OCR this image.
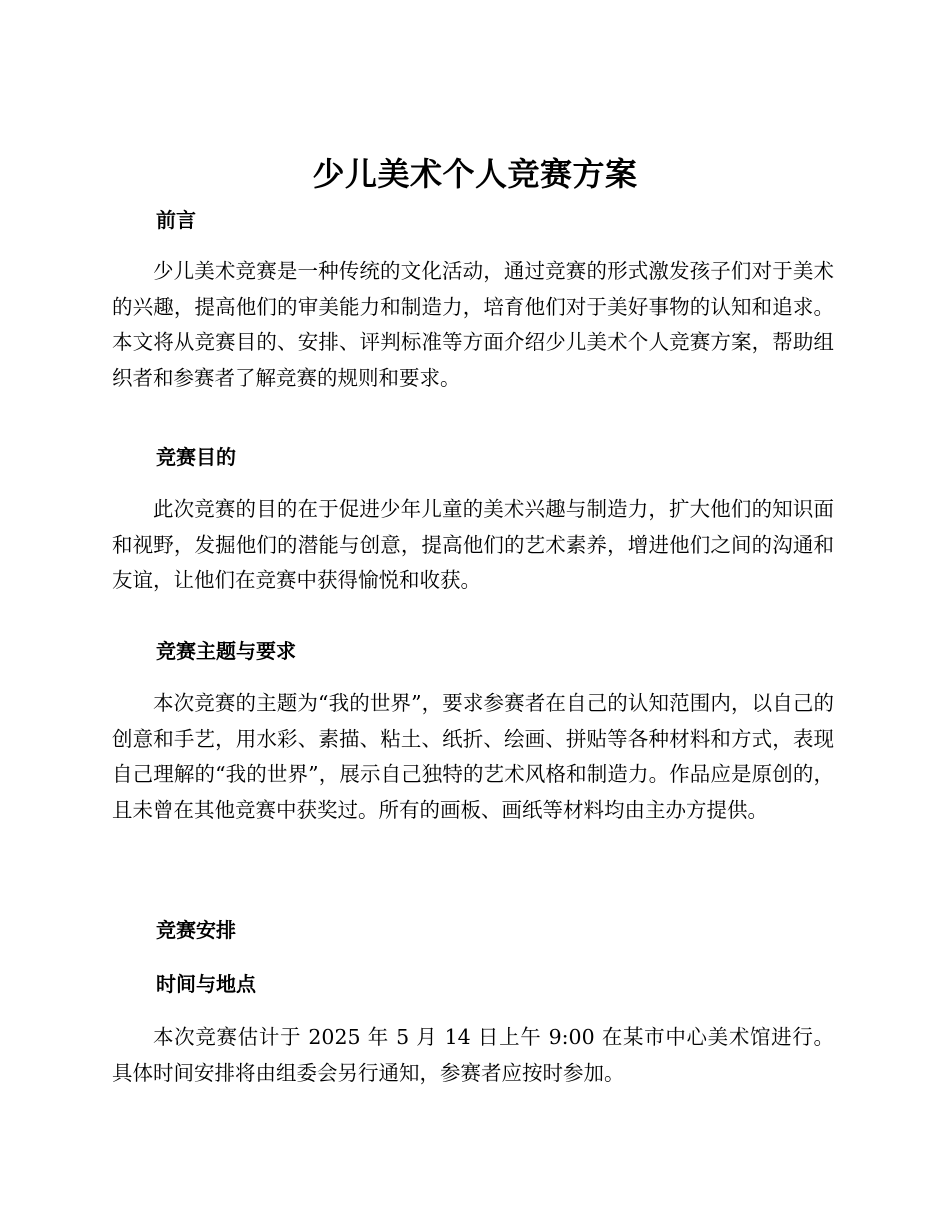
少儿美术个人竞赛方案
前言

少儿美术竞赛是一种传统的文化活动，通过竞赛的形式激发孩子们对于美术的兴趣，提高他们的审美能力和制造力，培育他们对于美好事物的认知和追求。本文将从竞赛目的、安排、评判标准等方面介绍少儿美术个人竞赛方案，帮助组织者和参赛者了解竞赛的规则和要求。

竞赛目的

此次竞赛的目的在于促进少年儿童的美术兴趣与制造力，扩大他们的知识面和视野，发掘他们的潜能与创意，提高他们的艺术素养，增进他们之间的沟通和友谊，让他们在竞赛中获得愉悦和收获。

竞赛主题与要求

本次竞赛的主题为“我的世界”，要求参赛者在自己的认知范围内，以自己的创意和手艺，用水彩、素描、粘土、纸折、绘画、拼贴等各种材料和方式，表现自己理解的“我的世界”，展示自己独特的艺术风格和制造力。作品应是原创的，且未曾在其他竞赛中获奖过。所有的画板、画纸等材料均由主办方提供。

竞赛安排
时间与地点

本次竞赛估计于 2025 年 5 月 14 日上午 9:00 在某市中心美术馆进行。具体时间安排将由组委会另行通知，参赛者应按时参加。
